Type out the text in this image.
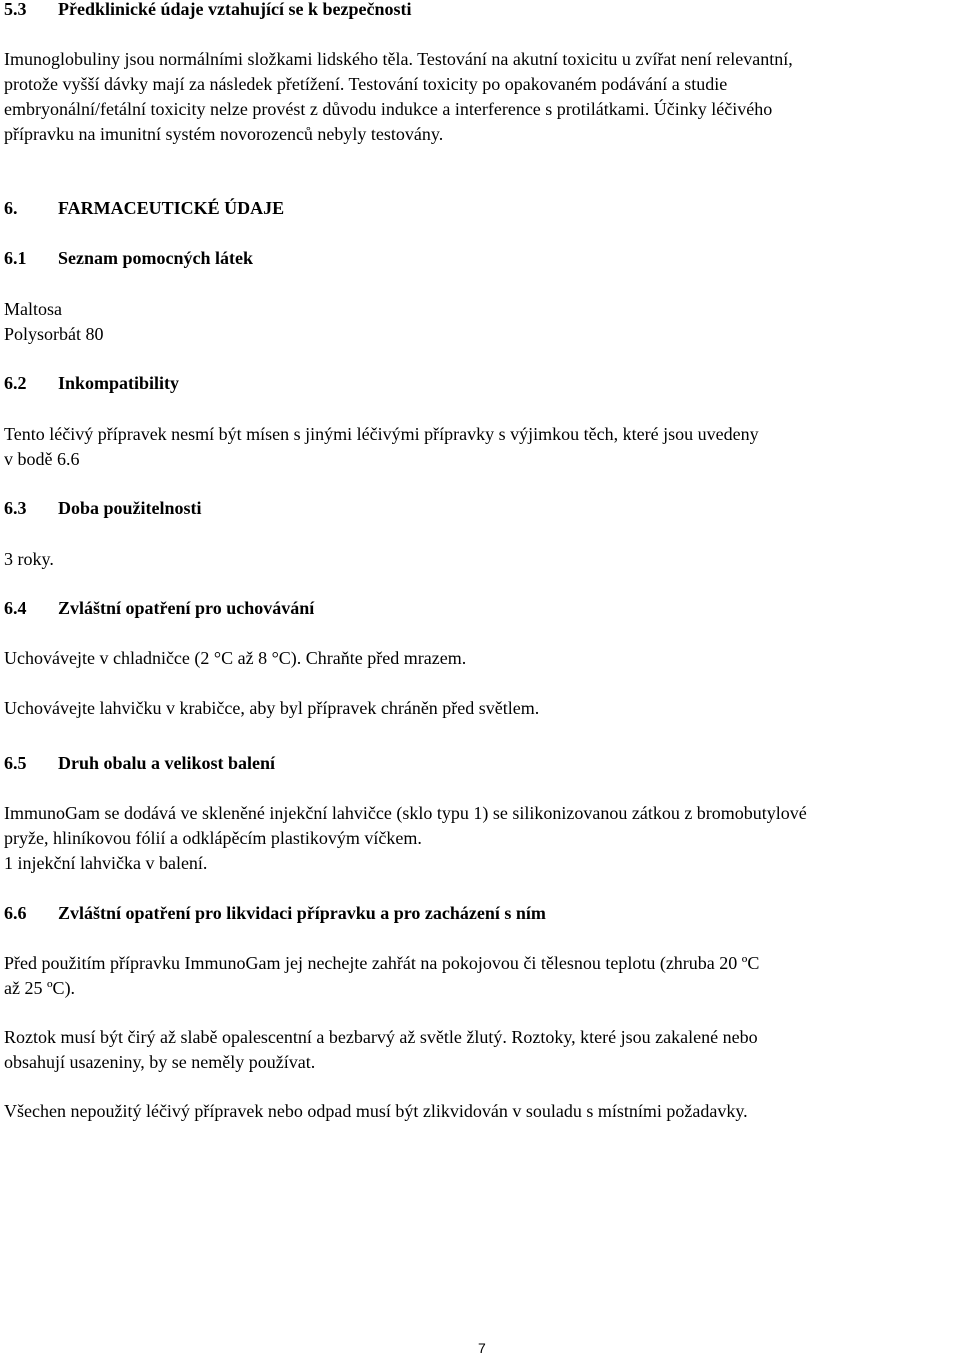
5.3 Předklinické údaje vztahující se k bezpečnosti
Imunoglobuliny jsou normálními složkami lidského těla. Testování na akutní toxicitu u zvířat není relevantní,
protože vyšší dávky mají za následek přetížení. Testování toxicity po opakovaném podávání a studie
embryonální/fetální toxicity nelze provést z důvodu indukce a interference s protilátkami. Účinky léčivého
přípravku na imunitní systém novorozenců nebyly testovány.
6. FARMACEUTICKÉ ÚDAJE
6.1 Seznam pomocných látek
Maltosa
Polysorbát 80
6.2 Inkompatibility
Tento léčivý přípravek nesmí být mísen s jinými léčivými přípravky s výjimkou těch, které jsou uvedeny
v bodě 6.6
6.3 Doba použitelnosti
3 roky.
6.4 Zvláštní opatření pro uchovávání
Uchovávejte v chladničce (2 °C až 8 °C). Chraňte před mrazem.
Uchovávejte lahvičku v krabičce, aby byl přípravek chráněn před světlem.
6.5 Druh obalu a velikost balení
ImmunoGam se dodává ve skleněné injekční lahvičce (sklo typu 1) se silikonizovanou zátkou z bromobutylové
pryže, hliníkovou fólií a odklápěcím plastikovým víčkem.
1 injekční lahvička v balení.
6.6 Zvláštní opatření pro likvidaci přípravku a pro zacházení s ním
Před použitím přípravku ImmunoGam jej nechejte zahřát na pokojovou či tělesnou teplotu (zhruba 20 ºC
až 25 ºC).
Roztok musí být čirý až slabě opalescentní a bezbarvý až světle žlutý. Roztoky, které jsou zakalené nebo
obsahují usazeniny, by se neměly používat.
Všechen nepoužitý léčivý přípravek nebo odpad musí být zlikvidován v souladu s místními požadavky.
7
